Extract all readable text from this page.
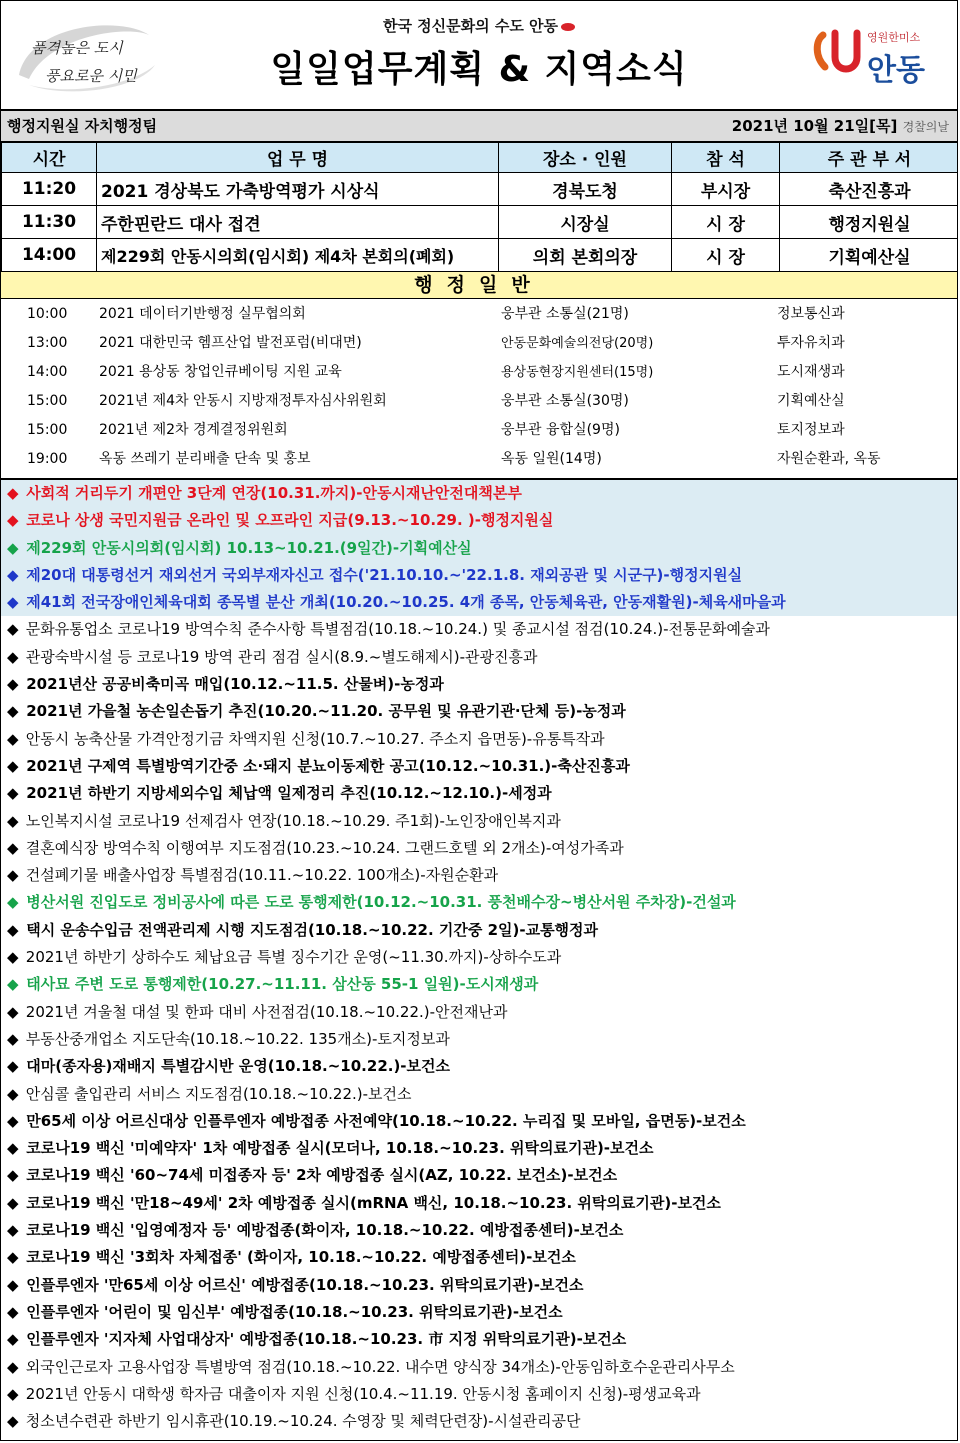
품격높은 도시
풍요로운 시민
한국 정신문화의 수도 안동
일일업무계획 & 지역소식
영원한미소
안동
행정지원실 자치행정팀	2021년 10월 21일[목] 경찰의날
시간	업 무 명	장소 · 인원	참 석	주 관 부 서
11:20	2021 경상북도 가축방역평가 시상식	경북도청	부시장	축산진흥과
11:30	주한핀란드 대사 접견	시장실	시 장	행정지원실
14:00	제229회 안동시의회(임시회) 제4차 본회의(폐회)	의회 본회의장	시 장	기획예산실
행정일반
10:00 2021 데이터기반행정 실무협의회	웅부관 소통실(21명)	정보통신과
13:00 2021 대한민국 헴프산업 발전포럼(비대면)	안동문화예술의전당(20명)	투자유치과
14:00 2021 용상동 창업인큐베이팅 지원 교육	용상동현장지원센터(15명)	도시재생과
15:00 2021년 제4차 안동시 지방재정투자심사위원회	웅부관 소통실(30명)	기획예산실
15:00 2021년 제2차 경계결정위원회	웅부관 융합실(9명)	토지정보과
19:00 옥동 쓰레기 분리배출 단속 및 홍보	옥동 일원(14명)	자원순환과, 옥동
◆ 사회적 거리두기 개편안 3단계 연장(10.31.까지)-안동시재난안전대책본부
◆ 코로나 상생 국민지원금 온라인 및 오프라인 지급(9.13.~10.29. )-행정지원실
◆ 제229회 안동시의회(임시회) 10.13~10.21.(9일간)-기획예산실
◆ 제20대 대통령선거 재외선거 국외부재자신고 접수('21.10.10.~'22.1.8. 재외공관 및 시군구)-행정지원실
◆ 제41회 전국장애인체육대회 종목별 분산 개최(10.20.~10.25. 4개 종목, 안동체육관, 안동재활원)-체육새마을과
◆ 문화유통업소 코로나19 방역수칙 준수사항 특별점검(10.18.~10.24.) 및 종교시설 점검(10.24.)-전통문화예술과
◆ 관광숙박시설 등 코로나19 방역 관리 점검 실시(8.9.~별도해제시)-관광진흥과
◆ 2021년산 공공비축미곡 매입(10.12.~11.5. 산물벼)-농정과
◆ 2021년 가을철 농손일손돕기 추진(10.20.~11.20. 공무원 및 유관기관·단체 등)-농정과
◆ 안동시 농축산물 가격안정기금 차액지원 신청(10.7.~10.27. 주소지 읍면동)-유통특작과
◆ 2021년 구제역 특별방역기간중 소·돼지 분뇨이동제한 공고(10.12.~10.31.)-축산진흥과
◆ 2021년 하반기 지방세외수입 체납액 일제정리 추진(10.12.~12.10.)-세정과
◆ 노인복지시설 코로나19 선제검사 연장(10.18.~10.29. 주1회)-노인장애인복지과
◆ 결혼예식장 방역수칙 이행여부 지도점검(10.23.~10.24. 그랜드호텔 외 2개소)-여성가족과
◆ 건설폐기물 배출사업장 특별점검(10.11.~10.22. 100개소)-자원순환과
◆ 병산서원 진입도로 정비공사에 따른 도로 통행제한(10.12.~10.31. 풍천배수장~병산서원 주차장)-건설과
◆ 택시 운송수입금 전액관리제 시행 지도점검(10.18.~10.22. 기간중 2일)-교통행정과
◆ 2021년 하반기 상하수도 체납요금 특별 징수기간 운영(~11.30.까지)-상하수도과
◆ 태사묘 주변 도로 통행제한(10.27.~11.11. 삼산동 55-1 일원)-도시재생과
◆ 2021년 겨울철 대설 및 한파 대비 사전점검(10.18.~10.22.)-안전재난과
◆ 부동산중개업소 지도단속(10.18.~10.22. 135개소)-토지정보과
◆ 대마(종자용)재배지 특별감시반 운영(10.18.~10.22.)-보건소
◆ 안심콜 출입관리 서비스 지도점검(10.18.~10.22.)-보건소
◆ 만65세 이상 어르신대상 인플루엔자 예방접종 사전예약(10.18.~10.22. 누리집 및 모바일, 읍면동)-보건소
◆ 코로나19 백신 '미예약자' 1차 예방접종 실시(모더나, 10.18.~10.23. 위탁의료기관)-보건소
◆ 코로나19 백신 '60~74세 미접종자 등' 2차 예방접종 실시(AZ, 10.22. 보건소)-보건소
◆ 코로나19 백신 '만18~49세' 2차 예방접종 실시(mRNA 백신, 10.18.~10.23. 위탁의료기관)-보건소
◆ 코로나19 백신 '입영예정자 등' 예방접종(화이자, 10.18.~10.22. 예방접종센터)-보건소
◆ 코로나19 백신 '3회차 자체접종' (화이자, 10.18.~10.22. 예방접종센터)-보건소
◆ 인플루엔자 '만65세 이상 어르신' 예방접종(10.18.~10.23. 위탁의료기관)-보건소
◆ 인플루엔자 '어린이 및 임신부' 예방접종(10.18.~10.23. 위탁의료기관)-보건소
◆ 인플루엔자 '지자체 사업대상자' 예방접종(10.18.~10.23. 市 지정 위탁의료기관)-보건소
◆ 외국인근로자 고용사업장 특별방역 점검(10.18.~10.22. 내수면 양식장 34개소)-안동임하호수운관리사무소
◆ 2021년 안동시 대학생 학자금 대출이자 지원 신청(10.4.~11.19. 안동시청 홈페이지 신청)-평생교육과
◆ 청소년수련관 하반기 임시휴관(10.19.~10.24. 수영장 및 체력단련장)-시설관리공단
